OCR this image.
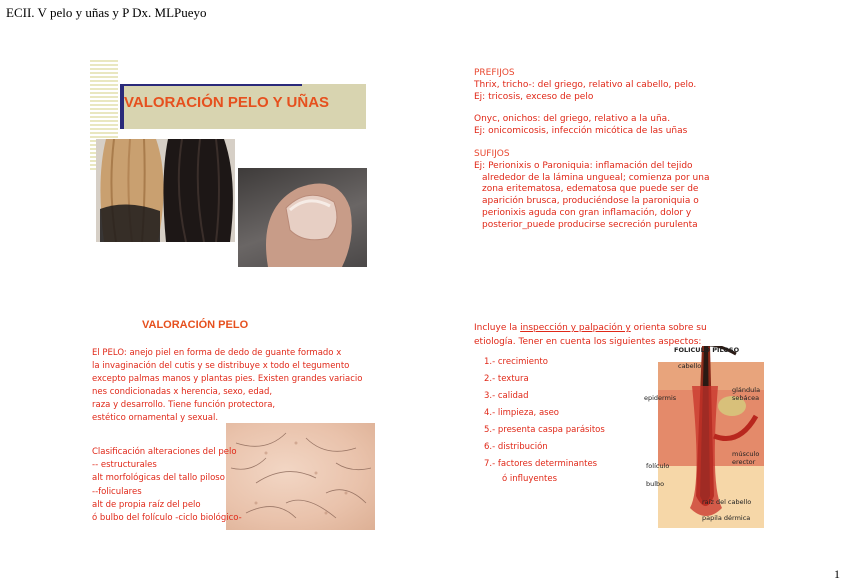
ECII. V pelo y uñas y P Dx. MLPueyo
VALORACIÓN PELO Y UÑAS
PREFIJOS
Thrix, tricho-: del griego, relativo al cabello, pelo.
Ej: tricosis, exceso de pelo
Onyc, onichos: del griego, relativo a la uña.
Ej: onicomicosis, infección micótica de las uñas
SUFIJOS
Ej: Perionixis o Paroniquia: inflamación del tejido
alrededor de la lámina ungueal; comienza por una
zona eritematosa, edematosa que puede ser de
aparición brusca, produciéndose la paroniquia o
perionixis aguda con gran inflamación, dolor y
posterior_puede producirse secreción purulenta
VALORACIÓN PELO
El PELO: anejo piel en forma de dedo de guante formado x
la invaginación del cutis y se distribuye x todo el tegumento
excepto palmas manos y plantas pies. Existen grandes variacio
nes condicionadas x herencia, sexo, edad,
raza y desarrollo. Tiene función protectora,
estético ornamental y sexual.
Clasificación alteraciones del pelo
-- estructurales
alt morfológicas del tallo piloso
--foliculares
alt de propia raíz del pelo
ó bulbo del folículo -ciclo biológico-
Incluye la inspección y palpación y orienta sobre su
etiología. Tener en cuenta los siguientes aspectos:
1.- crecimiento
2.- textura
3.- calidad
4.- limpieza, aseo
5.- presenta caspa parásitos
6.- distribución
7.- factores determinantes
ó influyentes
FOLICULO PILOSO
cabello
glándula
sebácea
epidermis
músculo
erector
folículo
bulbo
raíz del cabello
papila dérmica
1
